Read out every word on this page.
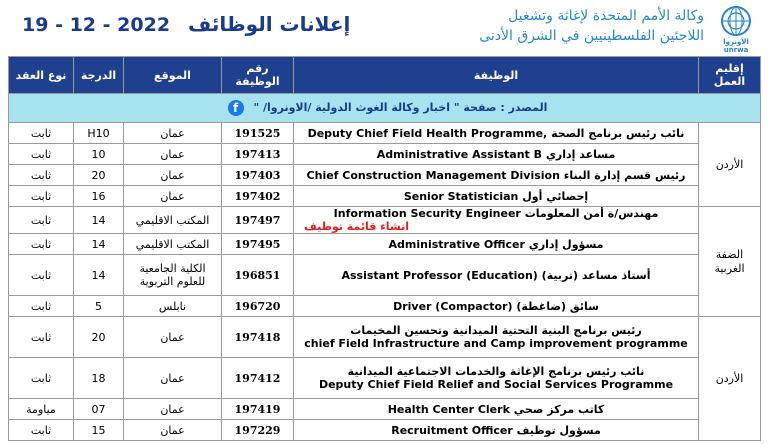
2022 - 12 - 19 إعلانات الوظائف	وكالة الأمم المتحدة لإغاثة وتشغيل
اللاجئين الفلسطينيين في الشرق الأدنى	الأونروا
unrwa
نوع العقد	الدرجة	الموقع	رقم الوظيفة	الوظيفة	إقليم العمل
المصدر : صفحة " اخبار وكالة الغوث الدولية /الاونروا/ " f					
ثابت	H10	عمان	191525	نائب رئيس برنامج الصحة Deputy Chief Field Health Programme,	الأردن
ثابت	10	عمان	197413	مساعد إداري Administrative Assistant B	
ثابت	20	عمان	197403	رئيس قسم إدارة البناء Chief Construction Management Division	
ثابت	16	عمان	197402	إحصائي أول Senior Statistician	
ثابت	14	المكتب الاقليمي	197497	مهندس/ة أمن المعلومات Information Security Engineer
انشاء قائمة توظيف	الضفة الغربية
ثابت	14	المكتب الاقليمي	197495	مسؤول إداري Administrative Officer	
ثابت	14	الكلية الجامعية للعلوم التربوية	196851	أستاذ مساعد (تربية) Assistant Professor (Education)	
ثابت	5	نابلس	196720	سائق (ضاغطة) Driver (Compactor)	
ثابت	20	عمان	197418	رئيس برنامج البنية التحتية الميدانية وتحسين المخيمات
chief Field Infrastructure and Camp improvement programme	الأردن
ثابت	18	عمان	197412	نائب رئيس برنامج الإغاثة والخدمات الاجتماعية الميدانية
Deputy Chief Field Relief and Social Services Programme	

مياومة	07	عمان	197419	كاتب مركز صحي Health Center Clerk	
ثابت	15	عمان	197229	مسؤول توظيف Recruitment Officer	
